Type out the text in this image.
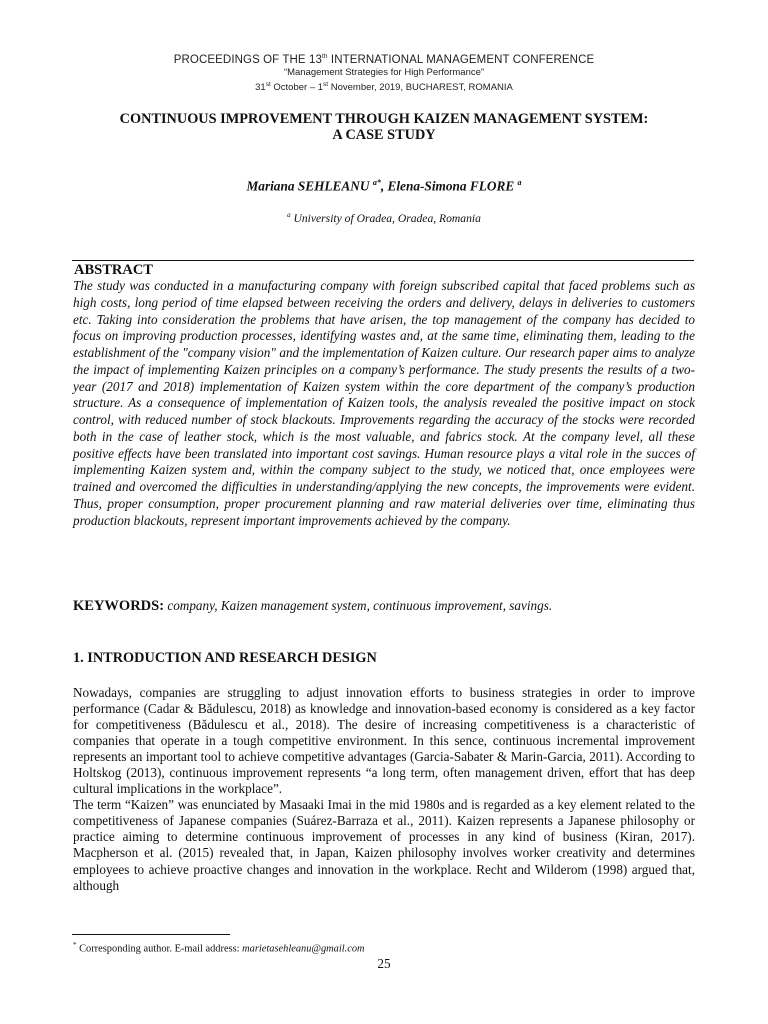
PROCEEDINGS OF THE 13th INTERNATIONAL MANAGEMENT CONFERENCE
“Management Strategies for High Performance”
31st October – 1st November, 2019, BUCHAREST, ROMANIA
CONTINUOUS IMPROVEMENT THROUGH KAIZEN MANAGEMENT SYSTEM:
A CASE STUDY
Mariana SEHLEANU $^{a*}$, Elena-Simona FLORE $^a$
$^a$ University of Oradea, Oradea, Romania
ABSTRACT
The study was conducted in a manufacturing company with foreign subscribed capital that faced problems such as high costs, long period of time elapsed between receiving the orders and delivery, delays in deliveries to customers etc. Taking into consideration the problems that have arisen, the top management of the company has decided to focus on improving production processes, identifying wastes and, at the same time, eliminating them, leading to the establishment of the "company vision" and the implementation of Kaizen culture. Our research paper aims to analyze the impact of implementing Kaizen principles on a company’s performance. The study presents the results of a two-year (2017 and 2018) implementation of Kaizen system within the core department of the company’s production structure. As a consequence of implementation of Kaizen tools, the analysis revealed the positive impact on stock control, with reduced number of stock blackouts. Improvements regarding the accuracy of the stocks were recorded both in the case of leather stock, which is the most valuable, and fabrics stock. At the company level, all these positive effects have been translated into important cost savings. Human resource plays a vital role in the succes of implementing Kaizen system and, within the company subject to the study, we noticed that, once employees were trained and overcomed the difficulties in understanding/applying the new concepts, the improvements were evident. Thus, proper consumption, proper procurement planning and raw material deliveries over time, eliminating thus production blackouts, represent important improvements achieved by the company.
KEYWORDS: company, Kaizen management system, continuous improvement, savings.
1. INTRODUCTION AND RESEARCH DESIGN

Nowadays, companies are struggling to adjust innovation efforts to business strategies in order to improve performance (Cadar & Bădulescu, 2018) as knowledge and innovation-based economy is considered as a key factor for competitiveness (Bădulescu et al., 2018). The desire of increasing competitiveness is a characteristic of companies that operate in a tough competitive environment. In this sence, continuous incremental improvement represents an important tool to achieve competitive advantages (Garcia-Sabater & Marin-Garcia, 2011). According to Holtskog (2013), continuous improvement represents “a long term, often management driven, effort that has deep cultural implications in the workplace”.

The term “Kaizen” was enunciated by Masaaki Imai in the mid 1980s and is regarded as a key element related to the competitiveness of Japanese companies (Suárez-Barraza et al., 2011). Kaizen represents a Japanese philosophy or practice aiming to determine continuous improvement of processes in any kind of business (Kiran, 2017). Macpherson et al. (2015) revealed that, in Japan, Kaizen philosophy involves worker creativity and determines employees to achieve proactive changes and innovation in the workplace. Recht and Wilderom (1998) argued that, although

* Corresponding author. E-mail address: marietasehleanu@gmail.com
25
